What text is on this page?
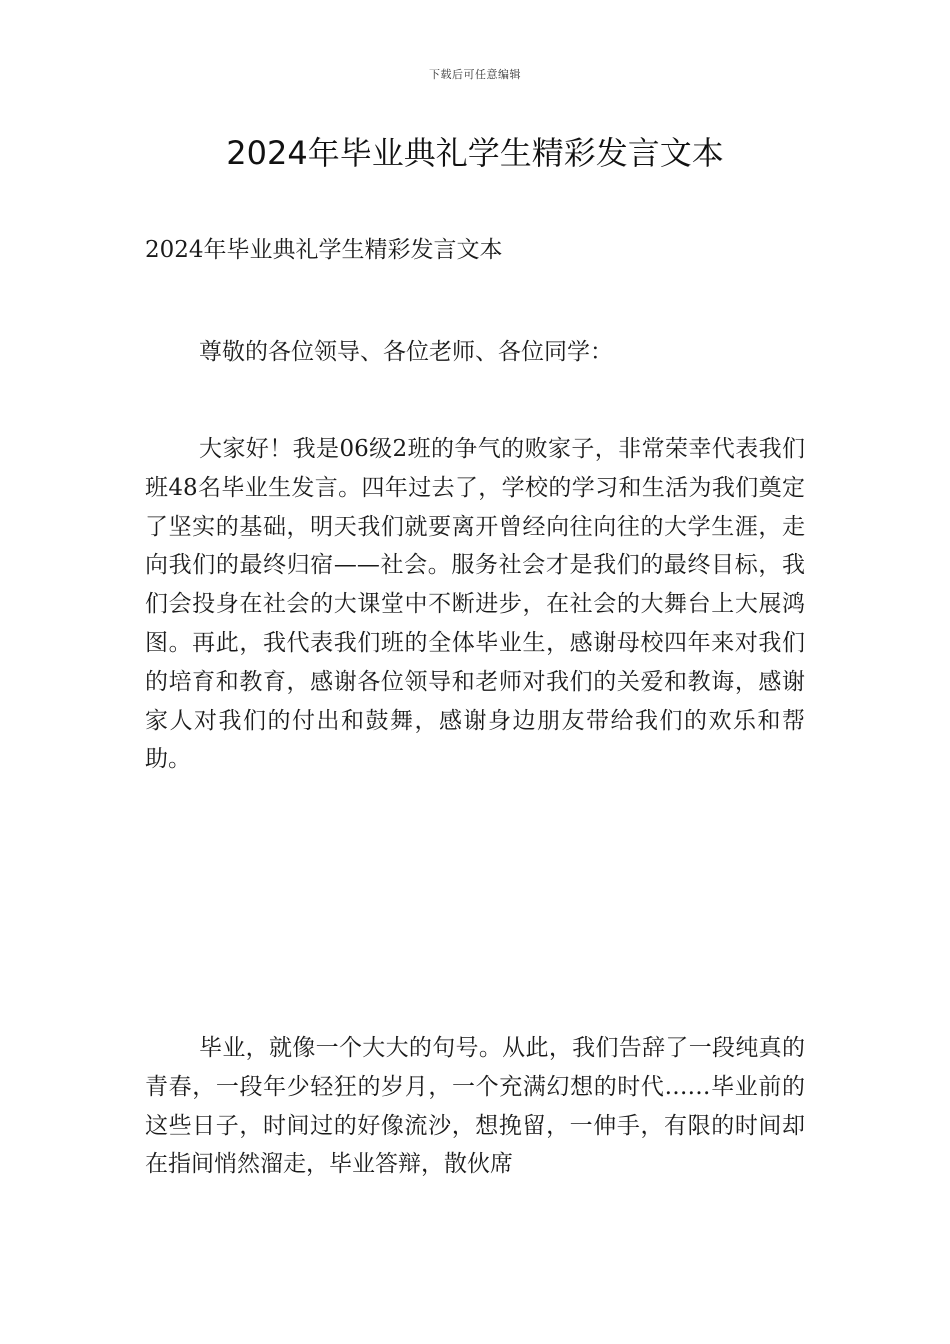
下载后可任意编辑
2024年毕业典礼学生精彩发言文本

2024年毕业典礼学生精彩发言文本

尊敬的各位领导、各位老师、各位同学：

大家好！我是06级2班的争气的败家子，非常荣幸代表我们班48名毕业生发言。四年过去了，学校的学习和生活为我们奠定了坚实的基础，明天我们就要离开曾经向往向往的大学生涯，走向我们的最终归宿——社会。服务社会才是我们的最终目标，我们会投身在社会的大课堂中不断进步，在社会的大舞台上大展鸿图。再此，我代表我们班的全体毕业生，感谢母校四年来对我们的培育和教育，感谢各位领导和老师对我们的关爱和教诲，感谢家人对我们的付出和鼓舞，感谢身边朋友带给我们的欢乐和帮助。

毕业，就像一个大大的句号。从此，我们告辞了一段纯真的青春，一段年少轻狂的岁月，一个充满幻想的时代……毕业前的这些日子，时间过的好像流沙，想挽留，一伸手，有限的时间却在指间悄然溜走，毕业答辩，散伙席
